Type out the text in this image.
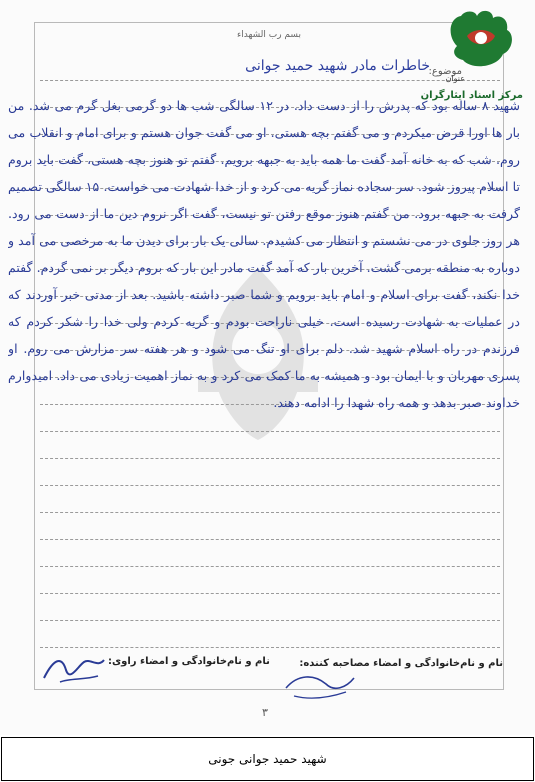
بسم رب الشهداء
موضوع:
خاطرات مادر شهید حمید جوانی
شهید ۸ ساله بود که پدرش را از دست داد. در ۱۲ سالگی شب ها دو گرمی بغل گرم می شد. من بار ها اورا قرض میکردم و می گفتم بچه هستی. او می گفت جوان هستم و برای امام و انقلاب می روم. شب که به خانه آمد گفت ما همه باید به جبهه برویم. گفتم تو هنوز بچه هستی، گفت باید بروم تا اسلام پیروز شود. سر سجاده نماز گریه می کرد و از خدا شهادت می خواست. ۱۵ سالگی تصمیم گرفت به جبهه برود. من گفتم هنوز موقع رفتن تو نیست، گفت اگر نروم دین ما از دست می رود. هر روز جلوی در می نشستم و انتظار می کشیدم. سالی یک بار برای دیدن ما به مرخصی می آمد و دوباره به منطقه برمی گشت. آخرین بار که آمد گفت مادر این بار که بروم دیگر بر نمی گردم. گفتم خدا نکند، گفت برای اسلام و امام باید برویم و شما صبر داشته باشید. بعد از مدتی خبر آوردند که در عملیات به شهادت رسیده است. خیلی ناراحت بودم و گریه کردم ولی خدا را شکر کردم که فرزندم در راه اسلام شهید شد. دلم برای او تنگ می شود و هر هفته سر مزارش می روم. او پسری مهربان و با ایمان بود و همیشه به ما کمک می کرد و به نماز اهمیت زیادی می داد. امیدوارم خداوند صبر بدهد و همه راه شهدا را ادامه دهند.
عنوان
مرکز اسناد ایثارگران
نام و نام‌خانوادگی و امضاء راوی:	نام و نام‌خانوادگی و امضاء مصاحبه کننده:
۳
شهید حمید جوانی جونی
